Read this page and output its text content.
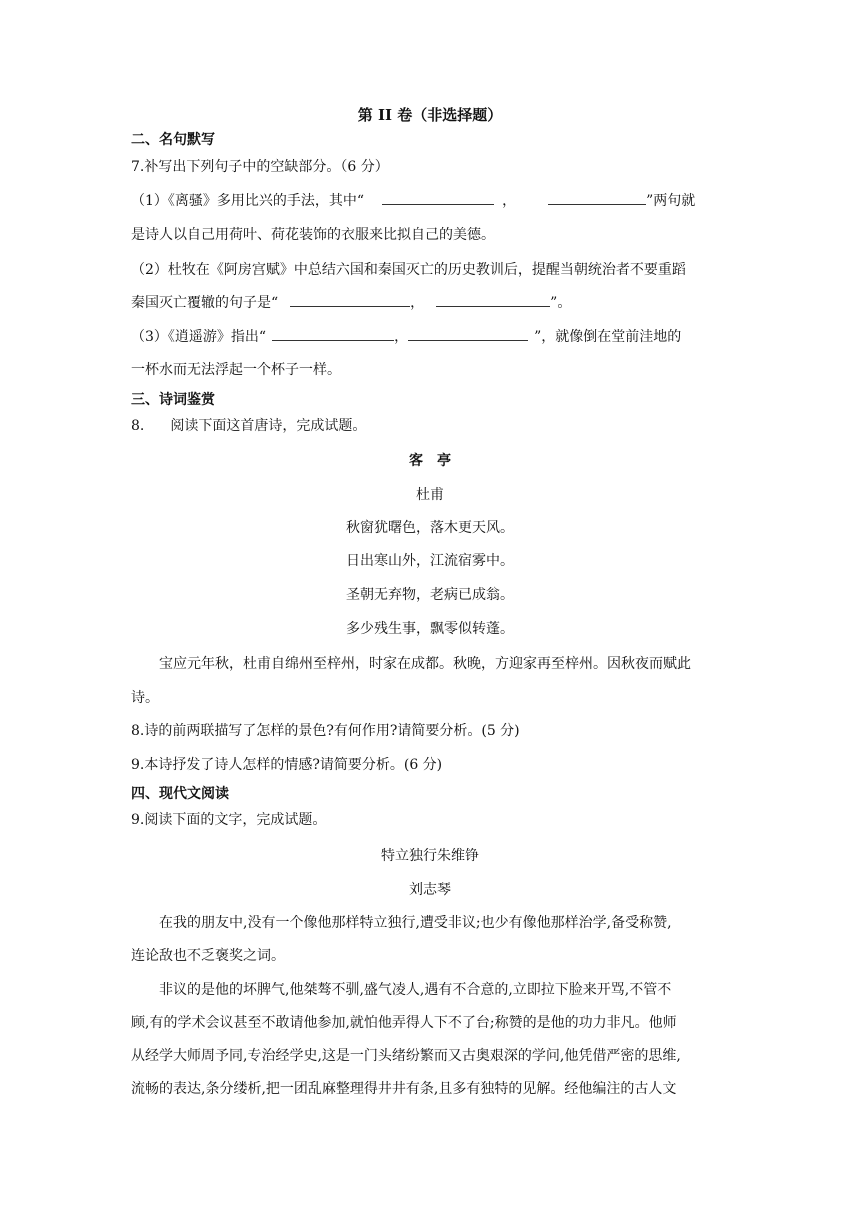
第 II 卷（非选择题）
二、名句默写
7.补写出下列句子中的空缺部分。（6 分）
（1）《离骚》多用比兴的手法，其中“	，	”两句就
是诗人以自己用荷叶、荷花装饰的衣服来比拟自己的美德。
（2）杜牧在《阿房宫赋》中总结六国和秦国灭亡的历史教训后，提醒当朝统治者不要重蹈
秦国灭亡覆辙的句子是“	，	”。
（3）《逍遥游》指出“	，	”，就像倒在堂前洼地的
一杯水而无法浮起一个杯子一样。
三、诗词鉴赏
8. 阅读下面这首唐诗，完成试题。
客　亭
杜甫
秋窗犹曙色，落木更天风。
日出寒山外，江流宿雾中。
圣朝无弃物，老病已成翁。
多少残生事，飘零似转蓬。
宝应元年秋，杜甫自绵州至梓州，时家在成都。秋晚，方迎家再至梓州。因秋夜而赋此
诗。
8.诗的前两联描写了怎样的景色?有何作用?请简要分析。(5 分)
9.本诗抒发了诗人怎样的情感?请简要分析。(6 分)
四、现代文阅读
9.阅读下面的文字，完成试题。
特立独行朱维铮
刘志琴
在我的朋友中,没有一个像他那样特立独行,遭受非议;也少有像他那样治学,备受称赞,
连论敌也不乏褒奖之词。
非议的是他的坏脾气,他桀骜不驯,盛气凌人,遇有不合意的,立即拉下脸来开骂,不管不
顾,有的学术会议甚至不敢请他参加,就怕他弄得人下不了台;称赞的是他的功力非凡。他师
从经学大师周予同,专治经学史,这是一门头绪纷繁而又古奥艰深的学问,他凭借严密的思维,
流畅的表达,条分缕析,把一团乱麻整理得井井有条,且多有独特的见解。经他编注的古人文
